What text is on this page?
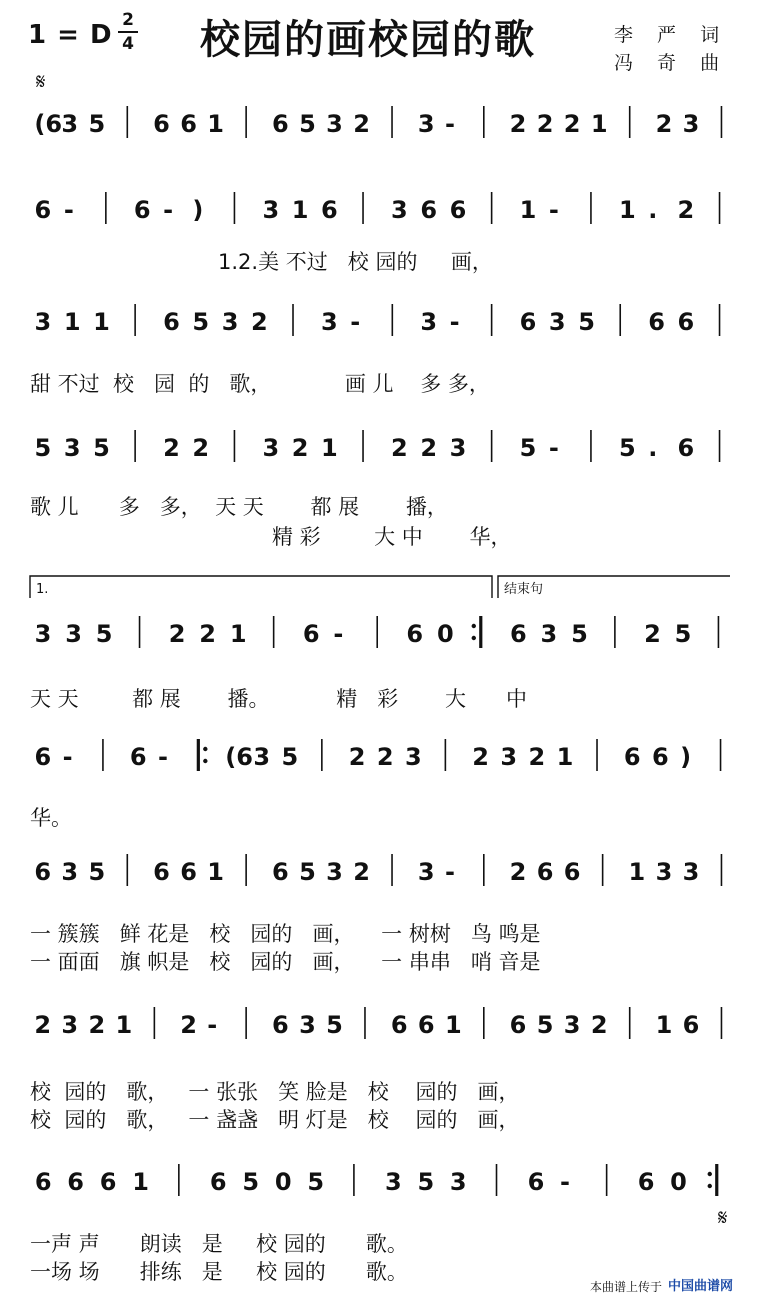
1 = D 2
4 校园的画校园的歌	李 严 词
冯 奇 曲
𝄋
(6 3 5 6 6 1 6 5 3 2 3 - 2 2 2 1 2 3
6 -	6 - ) 3 1 6 3 6 6 1 -	1 . 2
3 1 1 6 5 3 2 3 -	3 -	6 3 5 6 6
5 3 5 2 2 3 2 1 2 2 3 5 -	5 . 6
3 3 5 2 2 1 6 -	6 0 6 3 5 2 5
6 - 6 - (6 3 5 2 2 3 2 3 2 1 6 6 )
6 3 5 6 6 1 6 5 3 2 3 - 2 6 6 1 3 3
2 3 2 1 2 - 6 3 5 6 6 1 6 5 3 2 1 6
6 6 6 1	6 5 0 5	3 5 3	6 -	6 0
1.	结束句
1.2.美 不过   校 园的     画，
甜 不过  校   园  的   歌，           画 儿    多 多，
歌 儿      多   多，  天 天       都 展       播，
精 彩        大 中       华，
天 天        都 展       播。          精   彩       大      中
华。
一 簇簇   鲜 花是   校   园的   画，    一 树树   鸟 鸣是
一 面面   旗 帜是   校   园的   画，    一 串串   哨 音是
校  园的   歌，   一 张张   笑 脸是   校    园的   画，
校  园的   歌，   一 盏盏   明 灯是   校    园的   画，
一声 声      朗读   是     校 园的      歌。
一场 场      排练   是     校 园的      歌。
𝄋
本曲谱上传于 中国曲谱网
